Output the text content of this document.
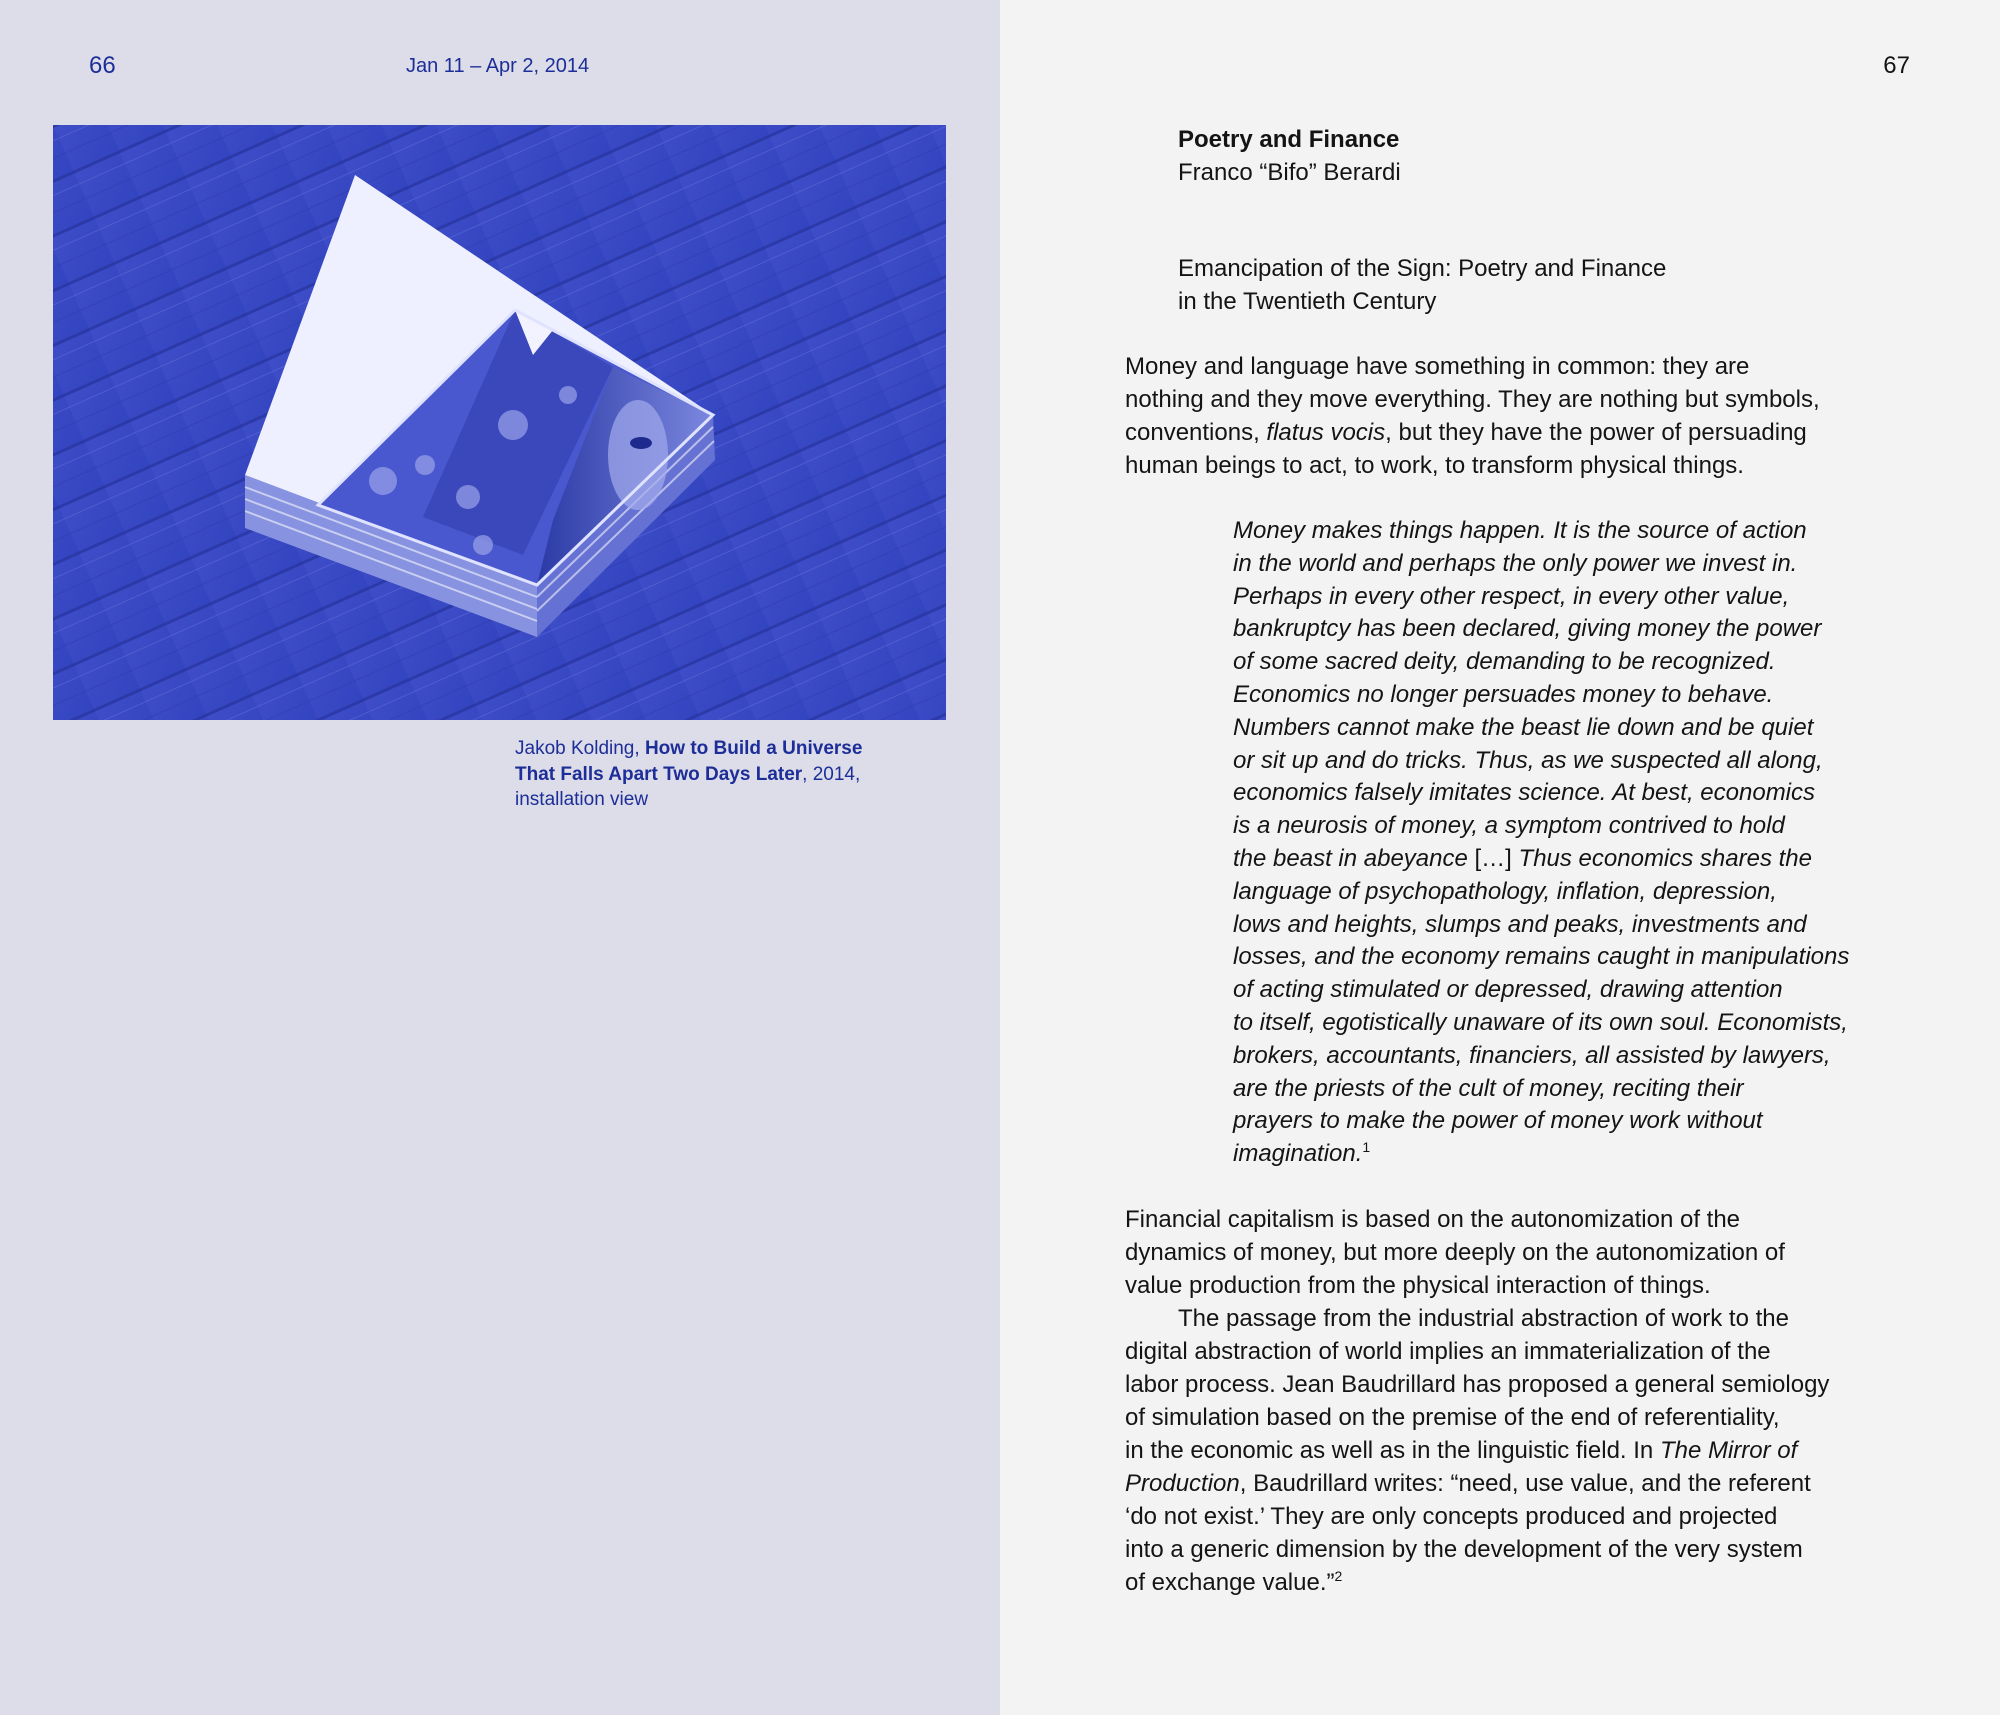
66	Jan 11 – Apr 2, 2014
Jakob Kolding, How to Build a Universe
That Falls Apart Two Days Later, 2014,
installation view
67
Poetry and Finance
Franco “Bifo” Berardi
Emancipation of the Sign: Poetry and Finance
in the Twentieth Century
Money and language have something in common: they are
nothing and they move everything. They are nothing but symbols,
conventions, flatus vocis, but they have the power of persuading
human beings to act, to work, to transform physical things.
Money makes things happen. It is the source of action
in the world and perhaps the only power we invest in.
Perhaps in every other respect, in every other value,
bankruptcy has been declared, giving money the power
of some sacred deity, demanding to be recognized.
Economics no longer persuades money to behave.
Numbers cannot make the beast lie down and be quiet
or sit up and do tricks. Thus, as we suspected all along,
economics falsely imitates science. At best, economics
is a neurosis of money, a symptom contrived to hold
the beast in abeyance […] Thus economics shares the
language of psychopathology, inflation, depression,
lows and heights, slumps and peaks, investments and
losses, and the economy remains caught in manipulations
of acting stimulated or depressed, drawing attention
to itself, egotistically unaware of its own soul. Economists,
brokers, accountants, financiers, all assisted by lawyers,
are the priests of the cult of money, reciting their
prayers to make the power of money work without
imagination.$^1$
Financial capitalism is based on the autonomization of the
dynamics of money, but more deeply on the autonomization of
value production from the physical interaction of things.
The passage from the industrial abstraction of work to the
digital abstraction of world implies an immaterialization of the
labor process. Jean Baudrillard has proposed a general semiology
of simulation based on the premise of the end of referentiality,
in the economic as well as in the linguistic field. In The Mirror of
Production, Baudrillard writes: “need, use value, and the referent
‘do not exist.’ They are only concepts produced and projected
into a generic dimension by the development of the very system
of exchange value.”$^2$
